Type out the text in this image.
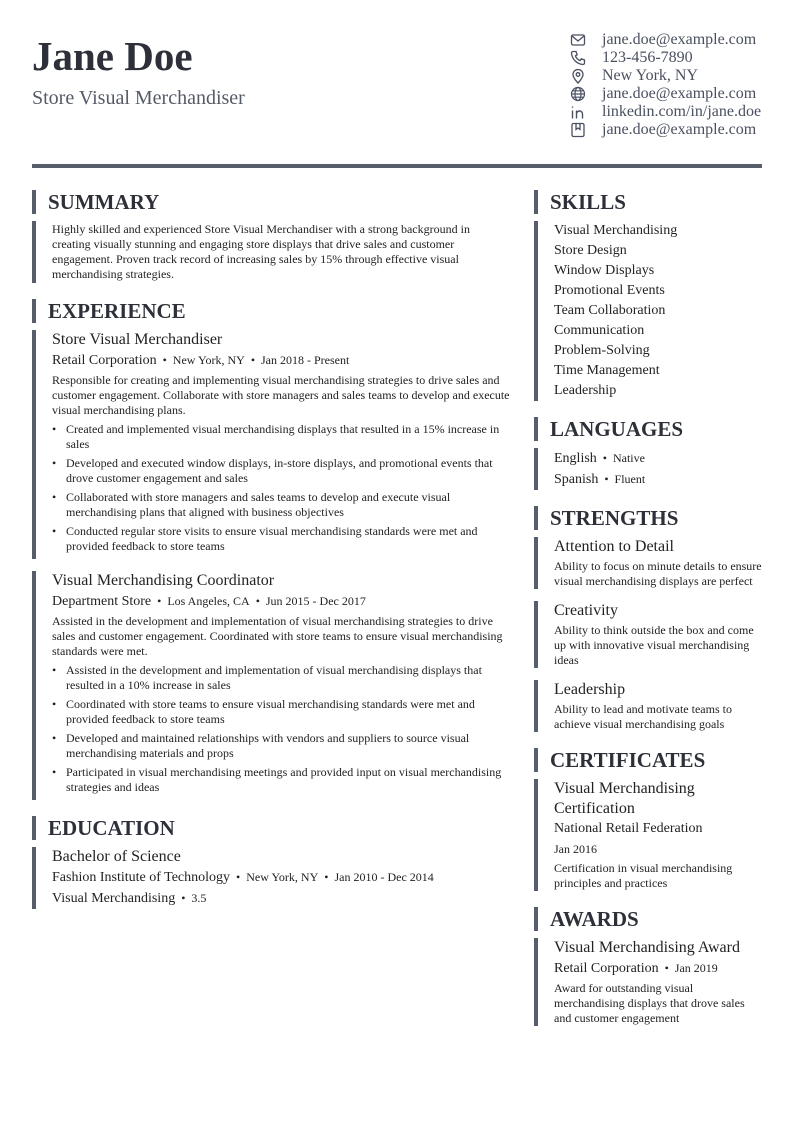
Jane Doe
Store Visual Merchandiser
jane.doe@example.com
123-456-7890
New York, NY
jane.doe@example.com
linkedin.com/in/jane.doe
jane.doe@example.com
SUMMARY
Highly skilled and experienced Store Visual Merchandiser with a strong background in creating visually stunning and engaging store displays that drive sales and customer engagement. Proven track record of increasing sales by 15% through effective visual merchandising strategies.
EXPERIENCE
Store Visual Merchandiser
Retail Corporation • New York, NY • Jan 2018 - Present
Responsible for creating and implementing visual merchandising strategies to drive sales and customer engagement. Collaborate with store managers and sales teams to develop and execute visual merchandising plans.
• Created and implemented visual merchandising displays that resulted in a 15% increase in sales
• Developed and executed window displays, in-store displays, and promotional events that drove customer engagement and sales
• Collaborated with store managers and sales teams to develop and execute visual merchandising plans that aligned with business objectives
• Conducted regular store visits to ensure visual merchandising standards were met and provided feedback to store teams
Visual Merchandising Coordinator
Department Store • Los Angeles, CA • Jun 2015 - Dec 2017
Assisted in the development and implementation of visual merchandising strategies to drive sales and customer engagement. Coordinated with store teams to ensure visual merchandising standards were met.
• Assisted in the development and implementation of visual merchandising displays that resulted in a 10% increase in sales
• Coordinated with store teams to ensure visual merchandising standards were met and provided feedback to store teams
• Developed and maintained relationships with vendors and suppliers to source visual merchandising materials and props
• Participated in visual merchandising meetings and provided input on visual merchandising strategies and ideas
EDUCATION
Bachelor of Science
Fashion Institute of Technology • New York, NY • Jan 2010 - Dec 2014
Visual Merchandising • 3.5
SKILLS
Visual Merchandising
Store Design
Window Displays
Promotional Events
Team Collaboration
Communication
Problem-Solving
Time Management
Leadership
LANGUAGES
English • Native
Spanish • Fluent
STRENGTHS
Attention to Detail
Ability to focus on minute details to ensure visual merchandising displays are perfect
Creativity
Ability to think outside the box and come up with innovative visual merchandising ideas
Leadership
Ability to lead and motivate teams to achieve visual merchandising goals
CERTIFICATES
Visual Merchandising Certification
National Retail Federation
Jan 2016
Certification in visual merchandising principles and practices
AWARDS
Visual Merchandising Award
Retail Corporation • Jan 2019
Award for outstanding visual merchandising displays that drove sales and customer engagement
